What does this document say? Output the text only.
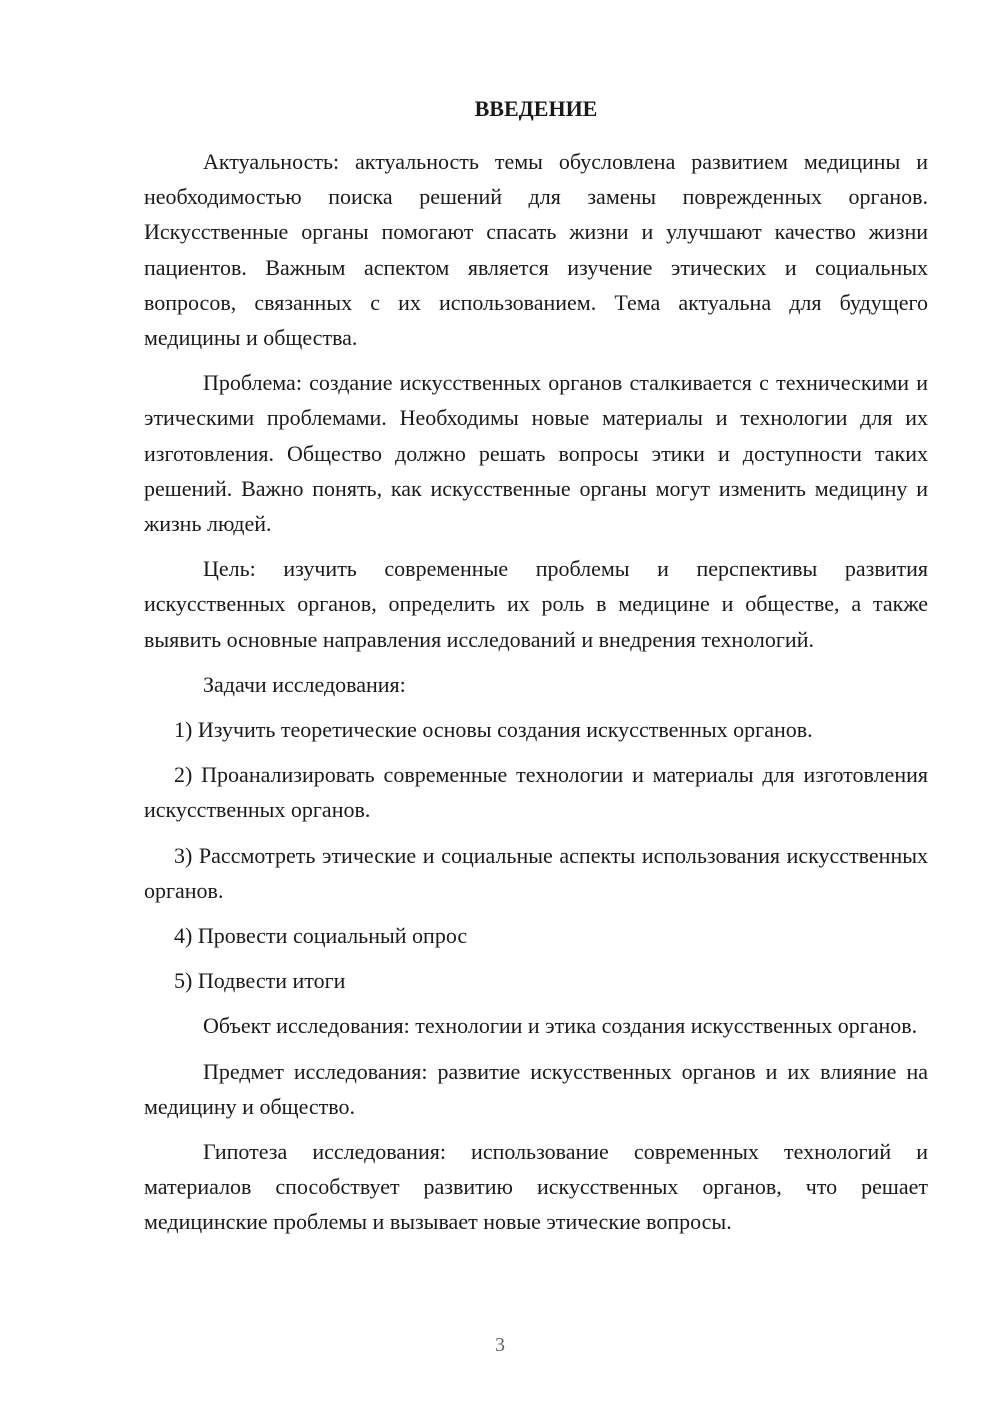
ВВЕДЕНИЕ

Актуальность: актуальность темы обусловлена развитием медицины и необходимостью поиска решений для замены поврежденных органов. Искусственные органы помогают спасать жизни и улучшают качество жизни пациентов. Важным аспектом является изучение этических и социальных вопросов, связанных с их использованием. Тема актуальна для будущего медицины и общества.

Проблема: создание искусственных органов сталкивается с техническими и этическими проблемами. Необходимы новые материалы и технологии для их изготовления. Общество должно решать вопросы этики и доступности таких решений. Важно понять, как искусственные органы могут изменить медицину и жизнь людей.

Цель: изучить современные проблемы и перспективы развития искусственных органов, определить их роль в медицине и обществе, а также выявить основные направления исследований и внедрения технологий.

Задачи исследования:

1) Изучить теоретические основы создания искусственных органов.

2) Проанализировать современные технологии и материалы для изготовления искусственных органов.

3) Рассмотреть этические и социальные аспекты использования искусственных органов.

4) Провести социальный опрос

5) Подвести итоги

Объект исследования: технологии и этика создания искусственных органов.

Предмет исследования: развитие искусственных органов и их влияние на медицину и общество.

Гипотеза исследования: использование современных технологий и материалов способствует развитию искусственных органов, что решает медицинские проблемы и вызывает новые этические вопросы.

3
